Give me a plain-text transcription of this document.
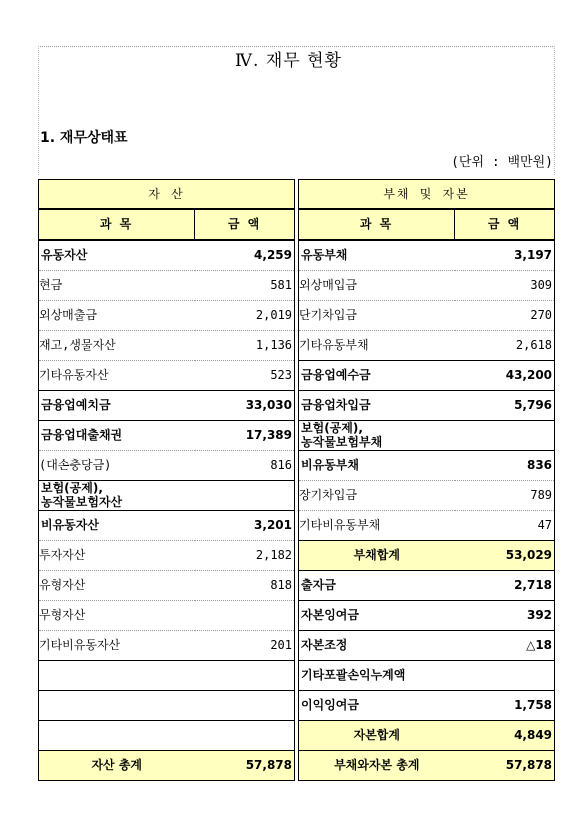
Ⅳ. 재무 현황
1. 재무상태표
(단위 : 백만원)
자 산			부채 및 자본	
과 목	금 액		과 목	금 액
유동자산	4,259		유동부채	3,197
현금	581		외상매입금	309
외상매출금	2,019		단기차입금	270
재고,생물자산	1,136		기타유동부채	2,618
기타유동자산	523		금융업예수금	43,200
금융업예치금	33,030		금융업차입금	5,796
금융업대출채권	17,389		보험(공제),
농작물보험부채	
(대손충당금)	816		비유동부채	836
보험(공제),
농작물보험자산			장기차입금	789
비유동자산	3,201		기타비유동부채	47
투자자산	2,182		부채합계	53,029
유형자산	818		출자금	2,718
무형자산			자본잉여금	392
기타비유동자산	201		자본조정	△18
			기타포괄손익누계액	
			이익잉여금	1,758
			자본합계	4,849
자산 총계	57,878		부채와자본 총계	57,878
